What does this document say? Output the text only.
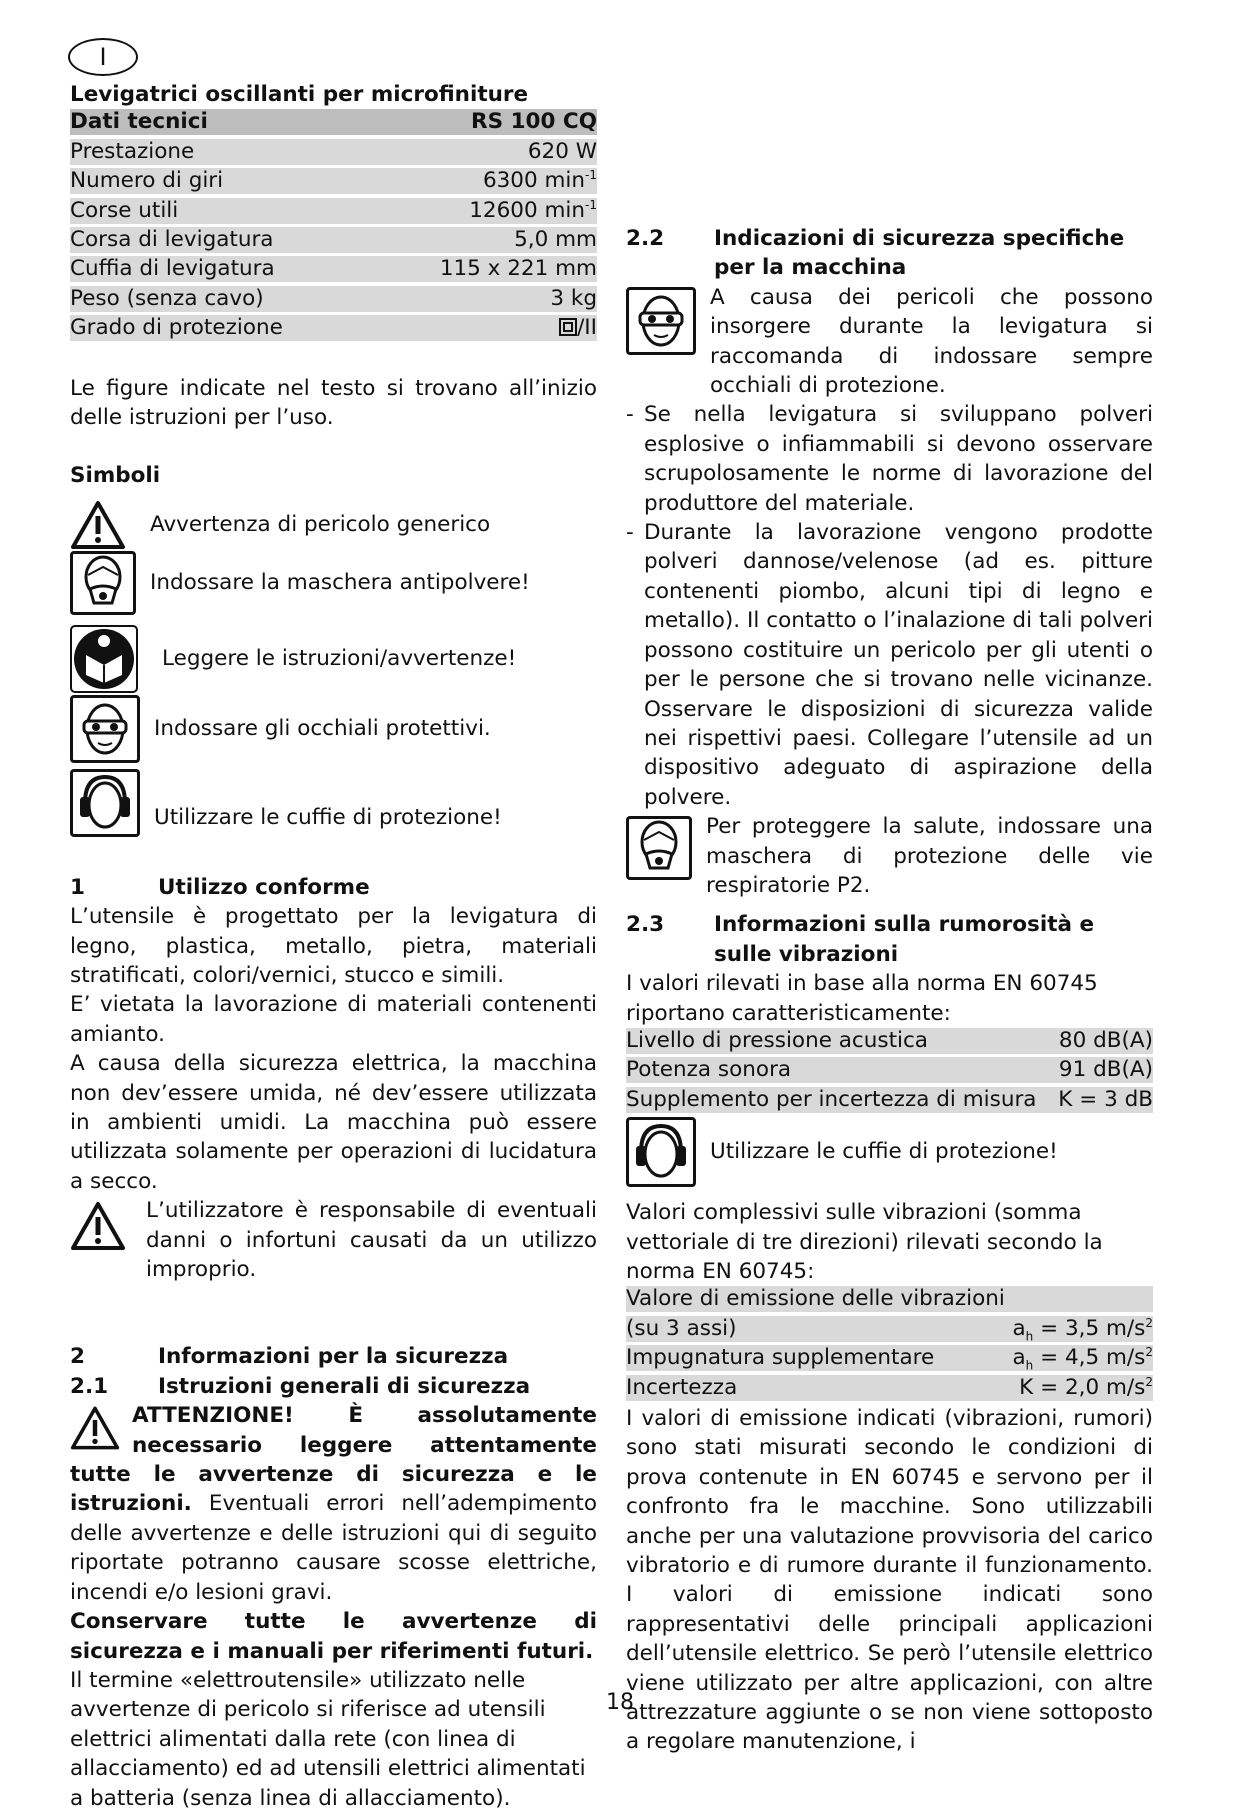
I
Levigatrici oscillanti per microfiniture
Dati tecnici	RS 100 CQ
Prestazione	620 W
Numero di giri	6300 $\min^{-1}$
Corse utili	12600 $\min^{-1}$
Corsa di levigatura	5,0 mm
Cuffia di levigatura	115 x 221 mm
Peso (senza cavo)	3 kg
Grado di protezione	/II

Le figure indicate nel testo si trovano all’inizio delle istruzioni per l’uso.

Simboli
Avvertenza di pericolo generico
Indossare la maschera antipolvere!
Leggere le istruzioni/avvertenze!
Indossare gli occhiali protettivi.
Utilizzare le cuffie di protezione!
1	Utilizzo conforme

L’utensile è progettato per la levigatura di legno, plastica, metallo, pietra, materiali stratificati, colori/vernici, stucco e simili.

E’ vietata la lavorazione di materiali contenenti amianto.

A causa della sicurezza elettrica, la macchina non dev’essere umida, né dev’essere utilizzata in ambienti umidi. La macchina può essere utilizzata solamente per operazioni di lucidatura a secco.

L’utilizzatore è responsabile di eventuali danni o infortuni causati da un utilizzo improprio.

2	Informazioni per la sicurezza
2.1	Istruzioni generali di sicurezza

ATTENZIONE! È assolutamente necessario leggere attentamente tutte le avvertenze di sicurezza e le istruzioni. Eventuali errori nell’adempimento delle avvertenze e delle istruzioni qui di seguito riportate potranno causare scosse elettriche, incendi e/o lesioni gravi.

Conservare tutte le avvertenze di sicurezza e i manuali per riferimenti futuri.

Il termine «elettroutensile» utilizzato nelle avvertenze di pericolo si riferisce ad utensili elettrici alimentati dalla rete (con linea di allacciamento) ed ad utensili elettrici alimentati a batteria (senza linea di allacciamento).

2.2	Indicazioni di sicurezza specifiche per la macchina

A causa dei pericoli che possono insorgere durante la levigatura si raccomanda di indossare sempre occhiali di protezione.

- Se nella levigatura si sviluppano polveri esplosive o infiammabili si devono osservare scrupolosamente le norme di lavorazione del produttore del materiale.

- Durante la lavorazione vengono prodotte polveri dannose/velenose (ad es. pitture contenenti piombo, alcuni tipi di legno e metallo). Il contatto o l’inalazione di tali polveri possono costituire un pericolo per gli utenti o per le persone che si trovano nelle vicinanze. Osservare le disposizioni di sicurezza valide nei rispettivi paesi. Collegare l’utensile ad un dispositivo adeguato di aspirazione della polvere.

Per proteggere la salute, indossare una maschera di protezione delle vie respiratorie P2.

2.3	Informazioni sulla rumorosità e sulle vibrazioni

I valori rilevati in base alla norma EN 60745 riportano caratteristicamente:

Livello di pressione acustica	80 dB(A)
Potenza sonora	91 dB(A)
Supplemento per incertezza di misura K = 3 dB
Utilizzare le cuffie di protezione!

Valori complessivi sulle vibrazioni (somma vettoriale di tre direzioni) rilevati secondo la norma EN 60745:

Valore di emissione delle vibrazioni
(su 3 assi)	$a_h = 3,5$ $m/s^2$
Impugnatura supplementare	$a_h = 4,5$ $m/s^2$
Incertezza	K = 2,0 $m/s^2$

I valori di emissione indicati (vibrazioni, rumori) sono stati misurati secondo le condizioni di prova contenute in EN 60745 e servono per il confronto fra le macchine. Sono utilizzabili anche per una valutazione provvisoria del carico vibratorio e di rumore durante il funzionamento. I valori di emissione indicati sono rappresentativi delle principali applicazioni dell’utensile elettrico. Se però l’utensile elettrico viene utilizzato per altre applicazioni, con altre attrezzature aggiunte o se non viene sottoposto a regolare manutenzione, i

18
